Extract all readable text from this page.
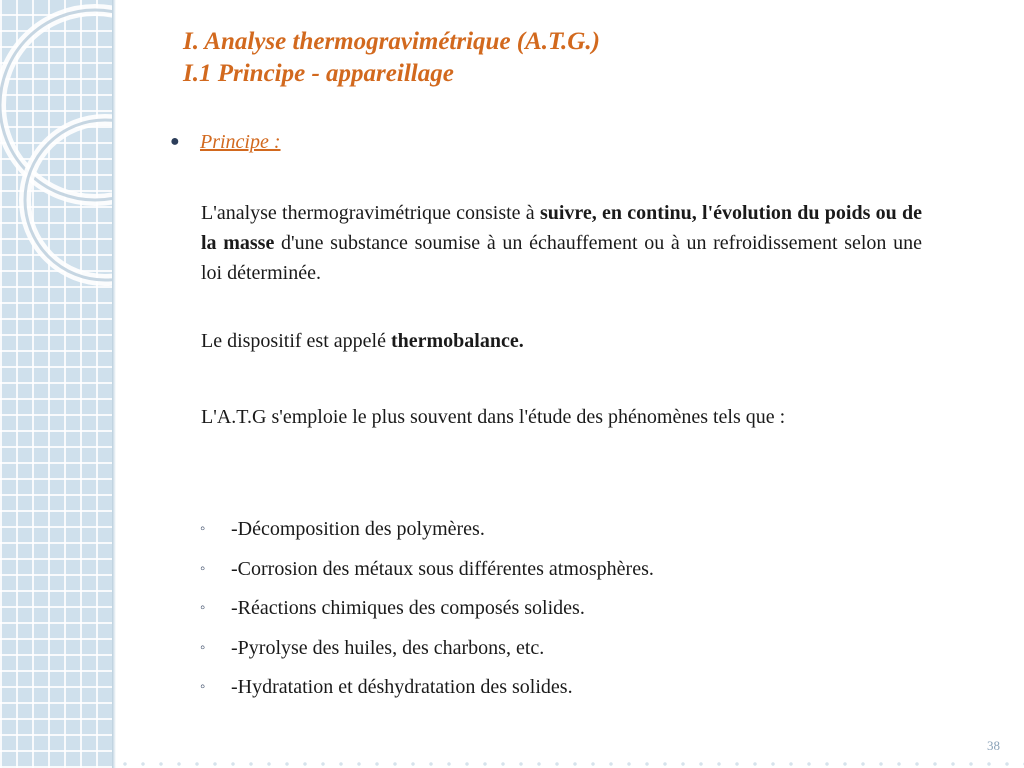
I. Analyse thermogravimétrique (A.T.G.)
I.1 Principe - appareillage
●	Principe :
L'analyse thermogravimétrique consiste à suivre, en continu, l'évolution du poids ou de la masse d'une substance soumise à un échauffement ou à un refroidissement selon une loi déterminée.
Le dispositif est appelé thermobalance.
L'A.T.G s'emploie le plus souvent dans l'étude des phénomènes tels que :
◦	-Décomposition des polymères.
◦	-Corrosion des métaux sous différentes atmosphères.
◦	-Réactions chimiques des composés solides.
◦	-Pyrolyse des huiles, des charbons, etc.
◦	-Hydratation et déshydratation des solides.
38
